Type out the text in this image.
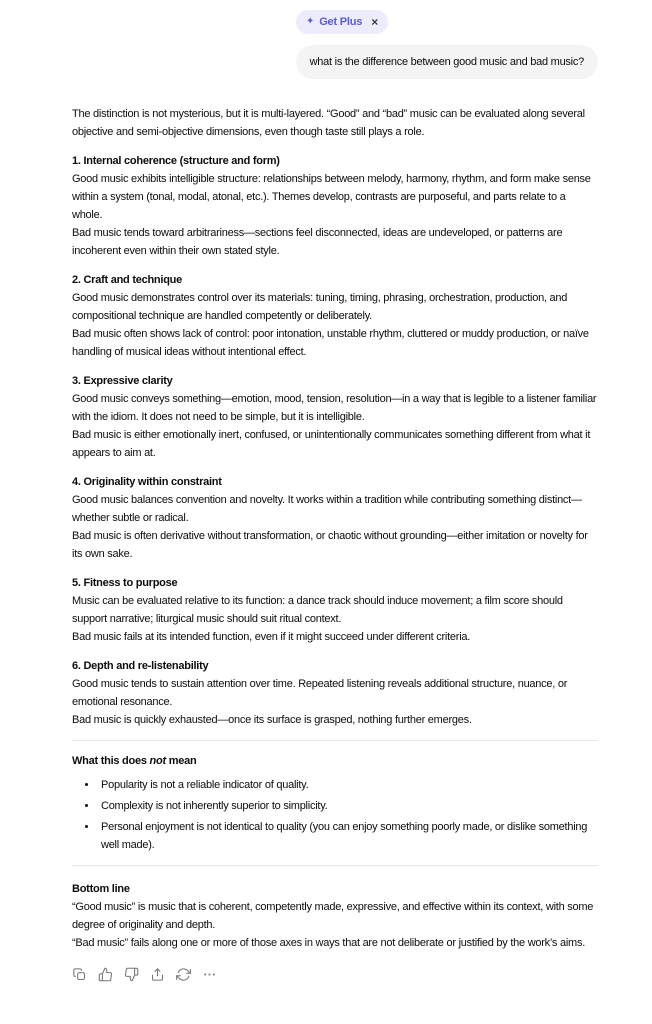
✦ Get Plus ×
what is the difference between good music and bad music?

The distinction is not mysterious, but it is multi-layered. “Good” and “bad” music can be evaluated along several objective and semi-objective dimensions, even though taste still plays a role.

1. Internal coherence (structure and form)
Good music exhibits intelligible structure: relationships between melody, harmony, rhythm, and form make sense within a system (tonal, modal, atonal, etc.). Themes develop, contrasts are purposeful, and parts relate to a whole.
Bad music tends toward arbitrariness—sections feel disconnected, ideas are undeveloped, or patterns are incoherent even within their own stated style.
2. Craft and technique
Good music demonstrates control over its materials: tuning, timing, phrasing, orchestration, production, and compositional technique are handled competently or deliberately.
Bad music often shows lack of control: poor intonation, unstable rhythm, cluttered or muddy production, or naïve handling of musical ideas without intentional effect.
3. Expressive clarity
Good music conveys something—emotion, mood, tension, resolution—in a way that is legible to a listener familiar with the idiom. It does not need to be simple, but it is intelligible.
Bad music is either emotionally inert, confused, or unintentionally communicates something different from what it appears to aim at.
4. Originality within constraint
Good music balances convention and novelty. It works within a tradition while contributing something distinct—whether subtle or radical.
Bad music is often derivative without transformation, or chaotic without grounding—either imitation or novelty for its own sake.
5. Fitness to purpose
Music can be evaluated relative to its function: a dance track should induce movement; a film score should support narrative; liturgical music should suit ritual context.
Bad music fails at its intended function, even if it might succeed under different criteria.
6. Depth and re-listenability
Good music tends to sustain attention over time. Repeated listening reveals additional structure, nuance, or emotional resonance.
Bad music is quickly exhausted—once its surface is grasped, nothing further emerges.
What this does not mean
• Popularity is not a reliable indicator of quality.
• Complexity is not inherently superior to simplicity.
• Personal enjoyment is not identical to quality (you can enjoy something poorly made, or dislike something well made).
Bottom line
“Good music” is music that is coherent, competently made, expressive, and effective within its context, with some degree of originality and depth.
“Bad music” fails along one or more of those axes in ways that are not deliberate or justified by the work’s aims.
